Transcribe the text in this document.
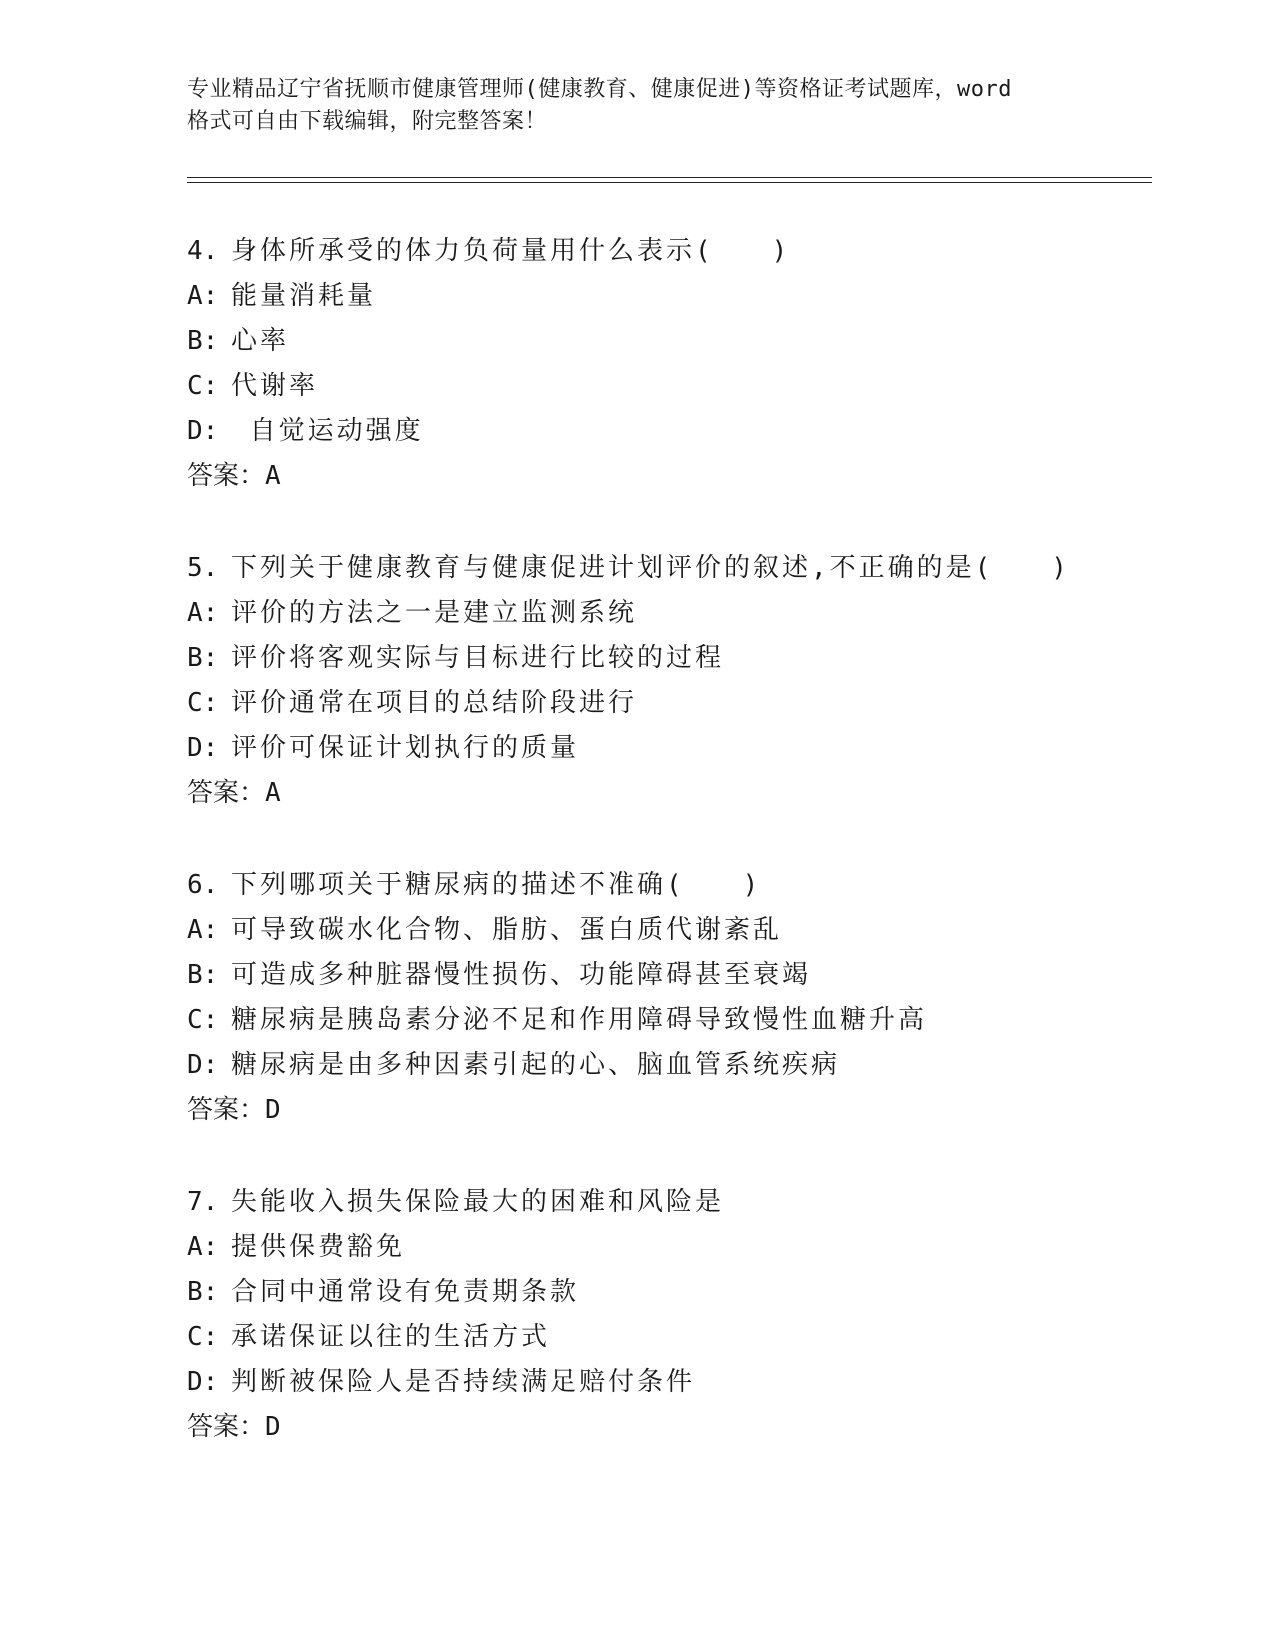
专业精品辽宁省抚顺市健康管理师(健康教育、健康促进)等资格证考试题库，word
格式可自由下载编辑，附完整答案！
4. 身体所承受的体力负荷量用什么表示(　　)
A: 能量消耗量
B: 心率
C: 代谢率
D: 自觉运动强度
答案：A
5. 下列关于健康教育与健康促进计划评价的叙述,不正确的是(　　)
A: 评价的方法之一是建立监测系统
B: 评价将客观实际与目标进行比较的过程
C: 评价通常在项目的总结阶段进行
D: 评价可保证计划执行的质量
答案：A
6. 下列哪项关于糖尿病的描述不准确(　　)
A: 可导致碳水化合物、脂肪、蛋白质代谢紊乱
B: 可造成多种脏器慢性损伤、功能障碍甚至衰竭
C: 糖尿病是胰岛素分泌不足和作用障碍导致慢性血糖升高
D: 糖尿病是由多种因素引起的心、脑血管系统疾病
答案：D
7. 失能收入损失保险最大的困难和风险是
A: 提供保费豁免
B: 合同中通常设有免责期条款
C: 承诺保证以往的生活方式
D: 判断被保险人是否持续满足赔付条件
答案：D
